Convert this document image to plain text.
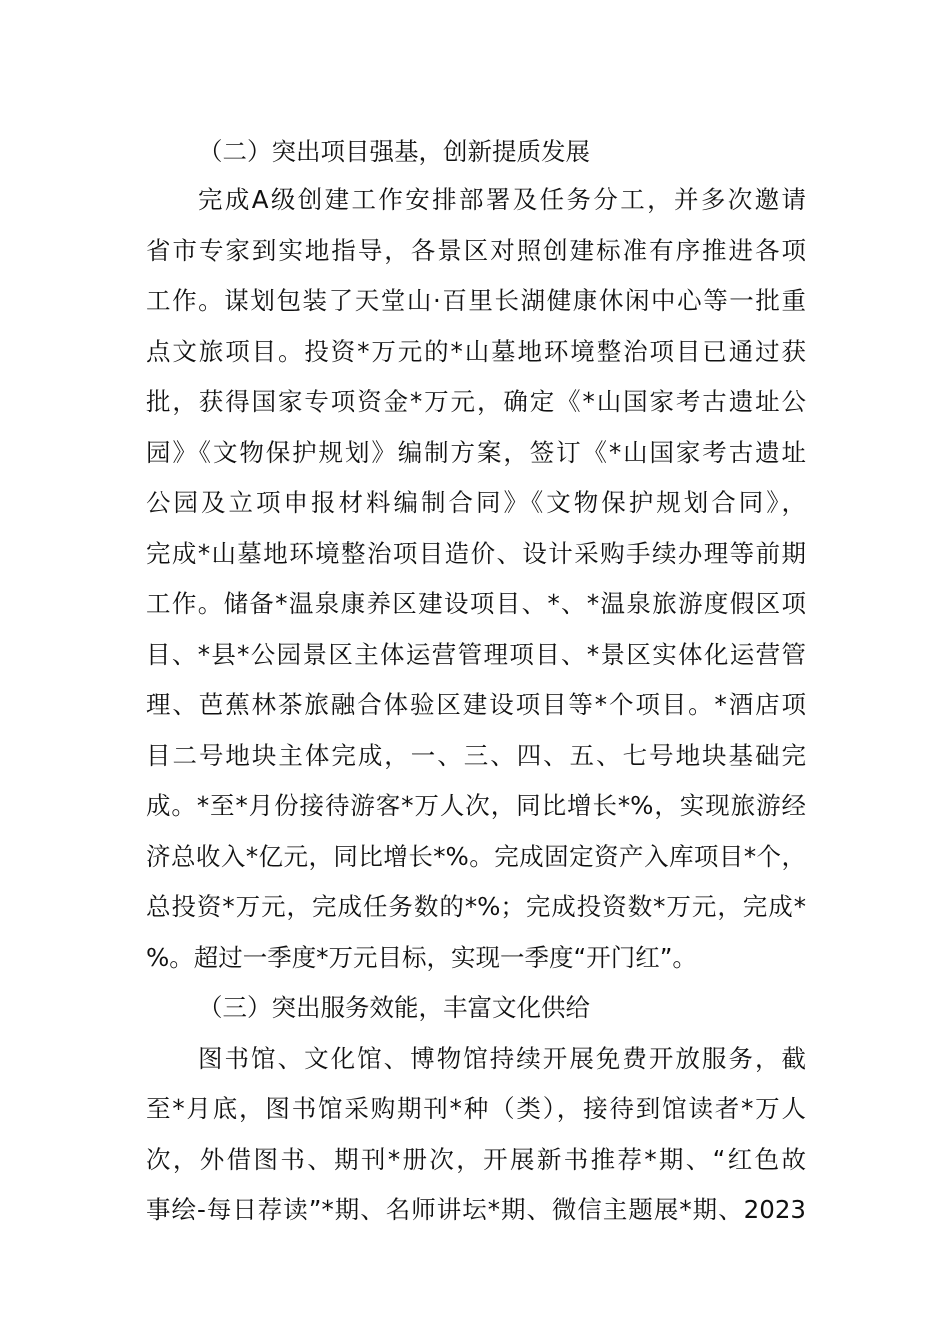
（二）突出项目强基，创新提质发展
完成A级创建工作安排部署及任务分工，并多次邀请
省市专家到实地指导，各景区对照创建标准有序推进各项
工作。谋划包装了天堂山·百里长湖健康休闲中心等一批重
点文旅项目。投资*万元的*山墓地环境整治项目已通过获
批，获得国家专项资金*万元，确定《*山国家考古遗址公
园》《文物保护规划》编制方案，签订《*山国家考古遗址
公园及立项申报材料编制合同》《文物保护规划合同》，
完成*山墓地环境整治项目造价、设计采购手续办理等前期
工作。储备*温泉康养区建设项目、*、*温泉旅游度假区项
目、*县*公园景区主体运营管理项目、*景区实体化运营管
理、芭蕉林茶旅融合体验区建设项目等*个项目。*酒店项
目二号地块主体完成，一、三、四、五、七号地块基础完
成。*至*月份接待游客*万人次，同比增长*%，实现旅游经
济总收入*亿元，同比增长*%。完成固定资产入库项目*个，
总投资*万元，完成任务数的*%；完成投资数*万元，完成*
%。超过一季度*万元目标，实现一季度“开门红”。
（三）突出服务效能，丰富文化供给
图书馆、文化馆、博物馆持续开展免费开放服务，截
至*月底，图书馆采购期刊*种（类），接待到馆读者*万人
次，外借图书、期刊*册次，开展新书推荐*期、“红色故
事绘-每日荐读”*期、名师讲坛*期、微信主题展*期、2023
